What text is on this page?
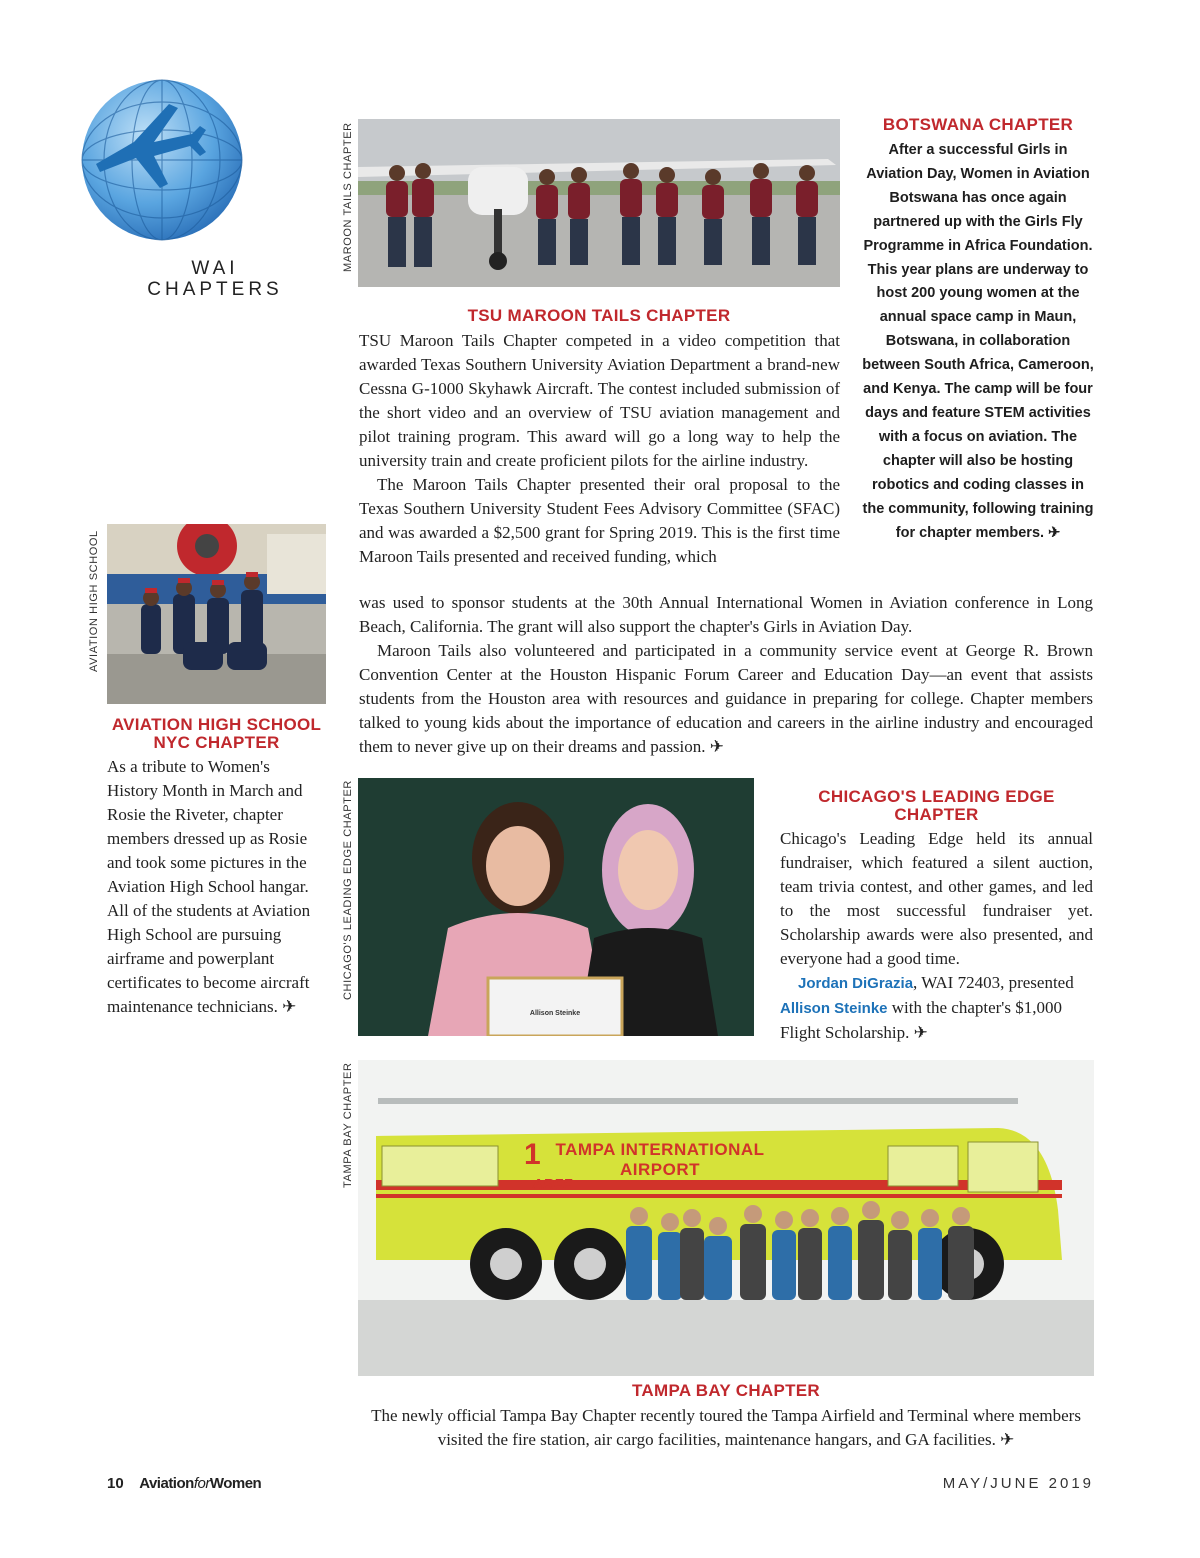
WAI
CHAPTERS
MAROON TAILS CHAPTER	BOTSWANA CHAPTER
After a successful Girls in Aviation Day, Women in Aviation Botswana has once again partnered up with the Girls Fly Programme in Africa Foundation. This year plans are underway to host 200 young women at the annual space camp in Maun, Botswana, in collaboration between South Africa, Cameroon, and Kenya. The camp will be four days and feature STEM activities with a focus on aviation. The chapter will also be hosting robotics and coding classes in the community, following training for chapter members. ✈
TSU MAROON TAILS CHAPTER

TSU Maroon Tails Chapter competed in a video competition that awarded Texas Southern University Aviation Department a brand-new Cessna G-1000 Skyhawk Aircraft. The contest included submission of the short video and an overview of TSU aviation management and pilot training program. This award will go a long way to help the university train and create proficient pilots for the airline industry.

The Maroon Tails Chapter presented their oral proposal to the Texas Southern University Student Fees Advisory Committee (SFAC) and was awarded a $2,500 grant for Spring 2019. This is the first time Maroon Tails presented and received funding, which

was used to sponsor students at the 30th Annual International Women in Aviation conference in Long Beach, California. The grant will also support the chapter's Girls in Aviation Day.

Maroon Tails also volunteered and participated in a community service event at George R. Brown Convention Center at the Houston Hispanic Forum Career and Education Day—an event that assists students from the Houston area with resources and guidance in preparing for college. Chapter members talked to young kids about the importance of education and careers in the airline industry and encouraged them to never give up on their dreams and passion. ✈

AVIATION HIGH SCHOOL
AVIATION HIGH SCHOOL
NYC CHAPTER
As a tribute to Women's History Month in March and Rosie the Riveter, chapter members dressed up as Rosie and took some pictures in the Aviation High School hangar. All of the students at Aviation High School are pursuing airframe and powerplant certificates to become aircraft maintenance technicians. ✈
CHICAGO'S LEADING EDGE CHAPTER
Allison Steinke
CHICAGO'S LEADING EDGE
CHAPTER

Chicago's Leading Edge held its annual fundraiser, which featured a silent auction, team trivia contest, and other games, and led to the most successful fundraiser yet. Scholarship awards were also presented, and everyone had a good time.

Jordan DiGrazia, WAI 72403, presented Allison Steinke with the chapter's $1,000 Flight Scholarship. ✈

TAMPA BAY CHAPTER	1 TAMPA INTERNATIONAL
AIRPORT
ARFF
TAMPA BAY CHAPTER
The newly official Tampa Bay Chapter recently toured the Tampa Airfield and Terminal where members visited the fire station, air cargo facilities, maintenance hangars, and GA facilities. ✈
10 AviationforWomen	MAY/JUNE 2019
